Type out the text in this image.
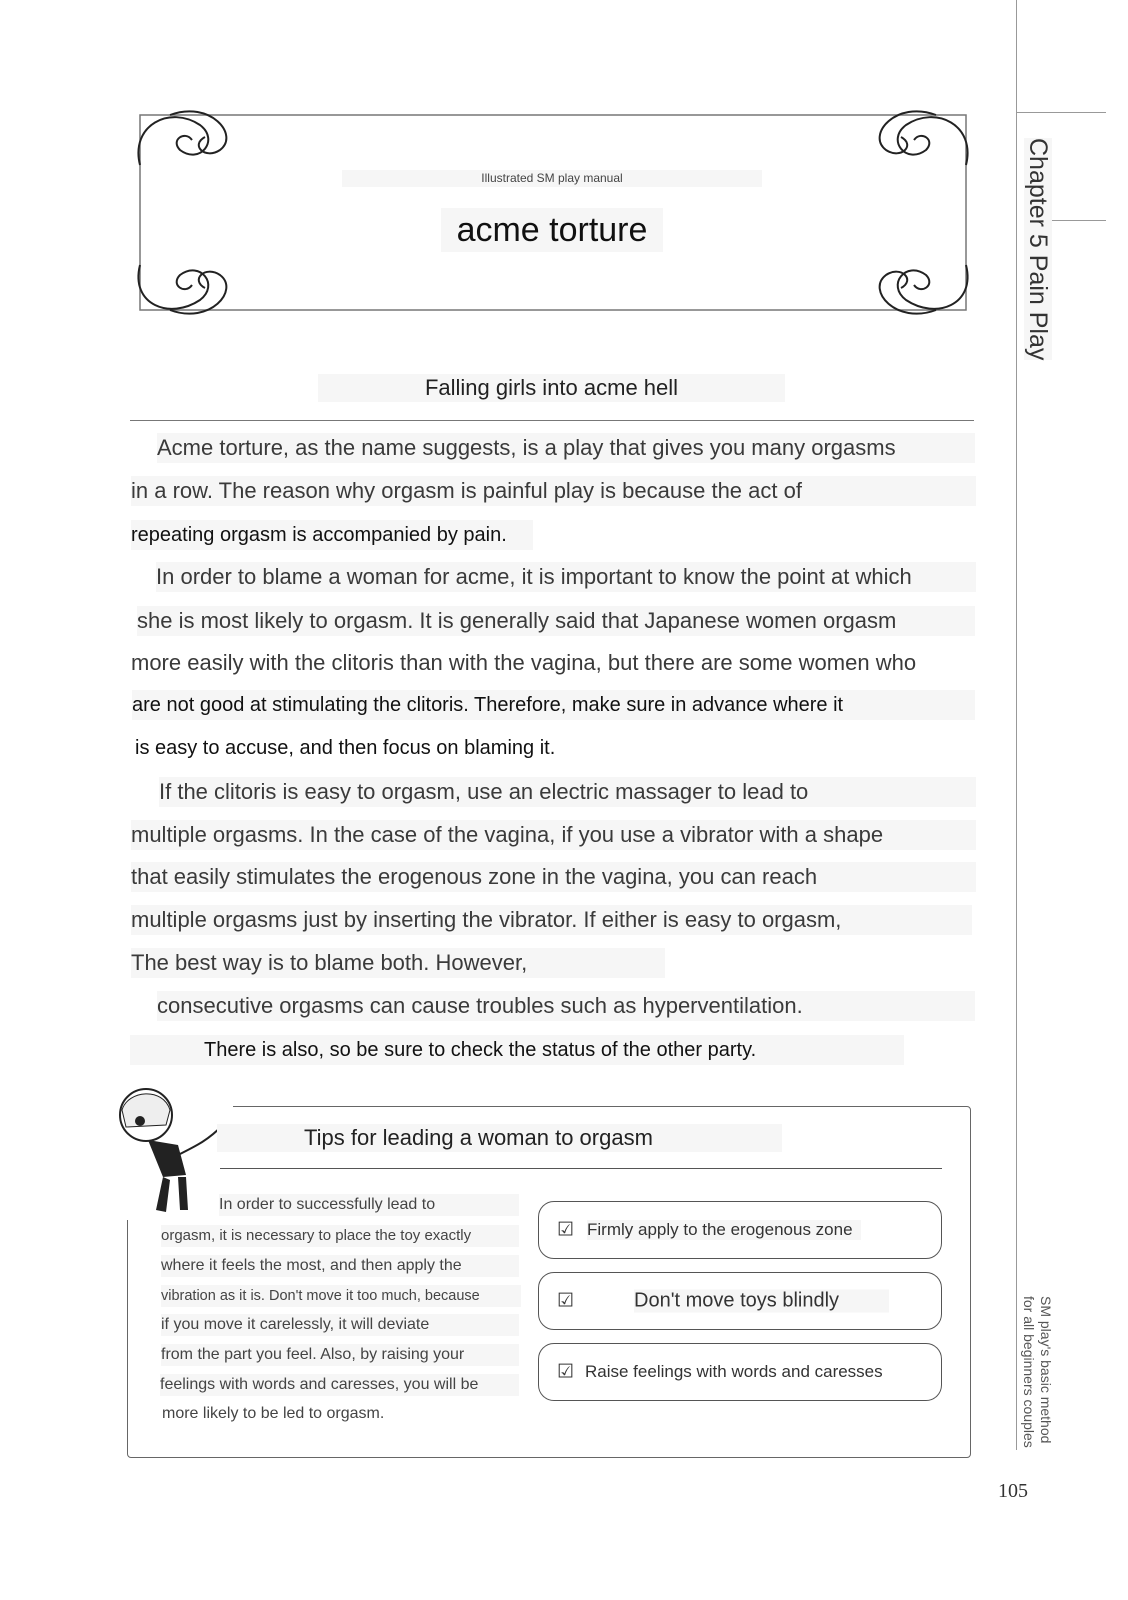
Illustrated SM play manual
acme torture
Falling girls into acme hell
Acme torture, as the name suggests, is a play that gives you many orgasms
in a row. The reason why orgasm is painful play is because the act of
repeating orgasm is accompanied by pain.
In order to blame a woman for acme, it is important to know the point at which
she is most likely to orgasm. It is generally said that Japanese women orgasm
more easily with the clitoris than with the vagina, but there are some women who
are not good at stimulating the clitoris. Therefore, make sure in advance where it
is easy to accuse, and then focus on blaming it.
If the clitoris is easy to orgasm, use an electric massager to lead to
multiple orgasms. In the case of the vagina, if you use a vibrator with a shape
that easily stimulates the erogenous zone in the vagina, you can reach
multiple orgasms just by inserting the vibrator. If either is easy to orgasm,
The best way is to blame both. However,
consecutive orgasms can cause troubles such as hyperventilation.
There is also, so be sure to check the status of the other party.
Tips for leading a woman to orgasm
In order to successfully lead to
orgasm, it is necessary to place the toy exactly
where it feels the most, and then apply the
vibration as it is. Don't move it too much, because
if you move it carelessly, it will deviate
from the part you feel. Also, by raising your
feelings with words and caresses, you will be
more likely to be led to orgasm.
☑ Firmly apply to the erogenous zone
☑	Don't move toys blindly
☑ Raise feelings with words and caresses
Chapter 5 Pain Play
SM play's basic method
for all beginners couples
105
